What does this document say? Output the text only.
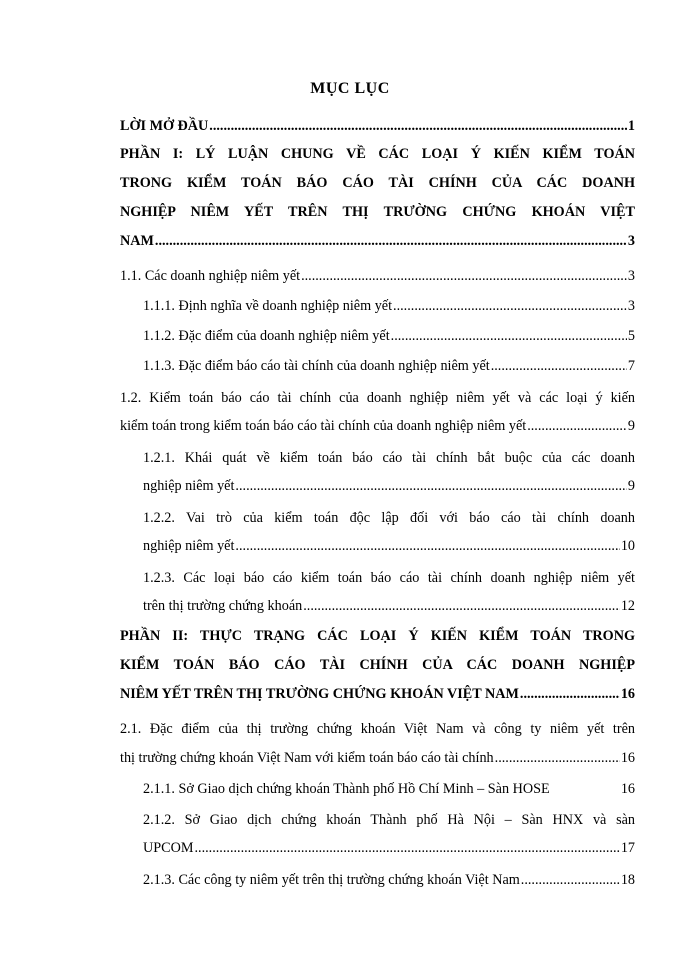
MỤC LỤC
LỜI MỞ ĐẦU .....	1
PHẦN I: LÝ LUẬN CHUNG VỀ CÁC LOẠI Ý KIẾN KIỂM TOÁN
TRONG KIỂM TOÁN BÁO CÁO TÀI CHÍNH CỦA CÁC DOANH
NGHIỆP NIÊM YẾT TRÊN THỊ TRƯỜNG CHỨNG KHOÁN VIỆT
NAM .....	3
1.1. Các doanh nghiệp niêm yết .....	3
1.1.1. Định nghĩa về doanh nghiệp niêm yết .....	3
1.1.2. Đặc điểm của doanh nghiệp niêm yết .....	5
1.1.3. Đặc điểm báo cáo tài chính của doanh nghiệp niêm yết .....	7
1.2. Kiểm toán báo cáo tài chính của doanh nghiệp niêm yết và các loại ý kiến
kiểm toán trong kiểm toán báo cáo tài chính của doanh nghiệp niêm yết .....	9
1.2.1. Khái quát về kiểm toán báo cáo tài chính bắt buộc của các doanh
nghiệp niêm yết .....	9
1.2.2. Vai trò của kiểm toán độc lập đối với báo cáo tài chính doanh
nghiệp niêm yết .....	10
1.2.3. Các loại báo cáo kiểm toán báo cáo tài chính doanh nghiệp niêm yết
trên thị trường chứng khoán .....	12
PHẦN II: THỰC TRẠNG CÁC LOẠI Ý KIẾN KIỂM TOÁN TRONG
KIỂM TOÁN BÁO CÁO TÀI CHÍNH CỦA CÁC DOANH NGHIỆP
NIÊM YẾT TRÊN THỊ TRƯỜNG CHỨNG KHOÁN VIỆT NAM .....	16
2.1. Đặc điểm của thị trường chứng khoán Việt Nam và công ty niêm yết trên
thị trường chứng khoán Việt Nam với kiểm toán báo cáo tài chính .....	16
2.1.1. Sở Giao dịch chứng khoán Thành phố Hồ Chí Minh – Sàn HOSE	16
2.1.2. Sở Giao dịch chứng khoán Thành phố Hà Nội – Sàn HNX và sàn
UPCOM .....	17
2.1.3. Các công ty niêm yết trên thị trường chứng khoán Việt Nam .....	18
